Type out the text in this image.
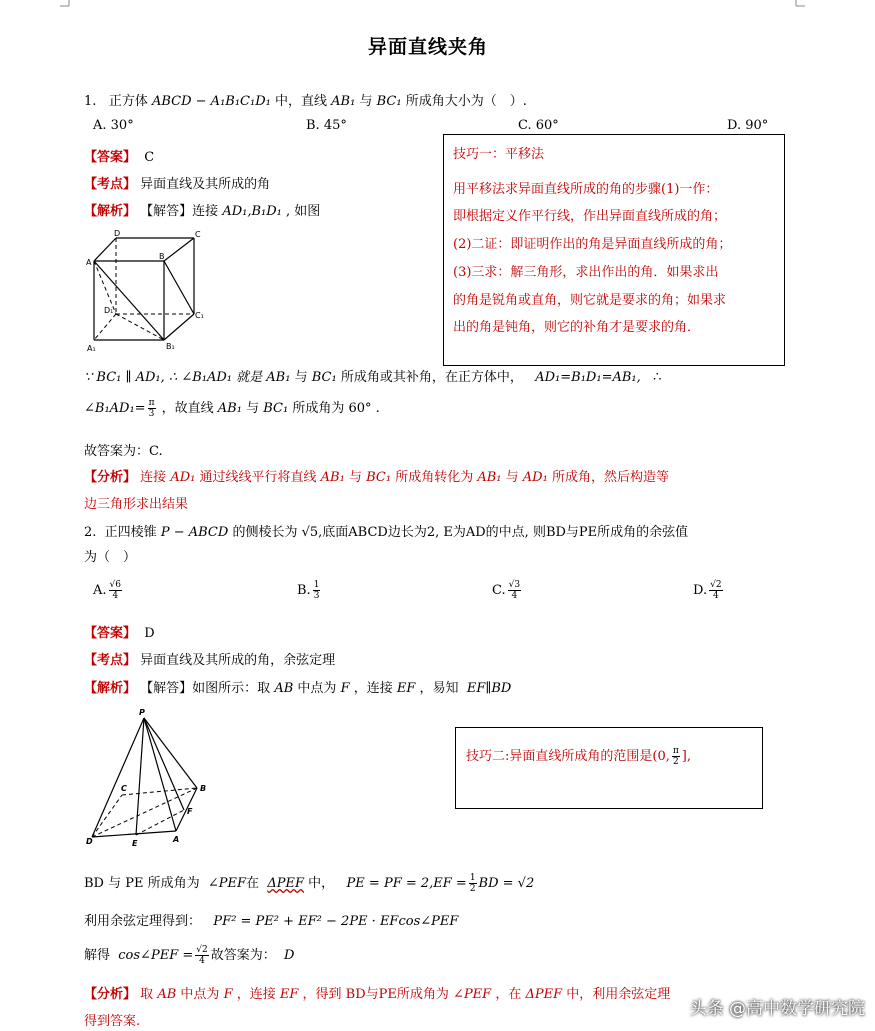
异面直线夹角
1. 正方体 ABCD − A₁B₁C₁D₁ 中，直线 AB₁ 与 BC₁ 所成角大小为（　）.
A. 30°	B. 45°	C. 60°	D. 90°
【答案】 C
【考点】 异面直线及其所成的角
【解析】 【解答】连接 AD₁,B₁D₁ , 如图
D	C
A
B
D₁
C₁
A₁	B₁
技巧一：平移法
用平移法求异面直线所成的角的步骤(1)一作：
即根据定义作平行线，作出异面直线所成的角；
(2)二证：即证明作出的角是异面直线所成的角；
(3)三求：解三角形，求出作出的角．如果求出
的角是锐角或直角，则它就是要求的角；如果求
出的角是钝角，则它的补角才是要求的角．
∵ BC₁ ∥ AD₁, ∴ ∠B₁AD₁ 就是 AB₁ 与 BC₁ 所成角或其补角，在正方体中， AD₁=B₁D₁=AB₁, ∴
∠B₁AD₁= $\frac{\pi}{3}$ ，故直线 AB₁ 与 BC₁ 所成角为 60° .
故答案为：C.
【分析】 连接 AD₁ 通过线线平行将直线 AB₁ 与 BC₁ 所成角转化为 AB₁ 与 AD₁ 所成角，然后构造等
边三角形求出结果
2. 正四棱锥 P − ABCD 的侧棱长为 √5,底面ABCD边长为2, E为AD的中点, 则BD与PE所成角的余弦值
为（　）
A. $\frac{√6}{4}$	B. $\frac{1}{3}$	C. $\frac{√3}{4}$	D. $\frac{√2}{4}$
【答案】 D
【考点】 异面直线及其所成的角，余弦定理
【解析】 【解答】如图所示：取 AB 中点为 F ，连接 EF ，易知 EF∥BD
P
C	B
F
D	E	A
技巧二:异面直线所成角的范围是(0, $\frac{\pi}{2}$ ],
BD 与 PE 所成角为 ∠PEF在 ΔPEF 中， PE = PF = $2,EF = \frac{1}{2}$ BD = √2
利用余弦定理得到： PF² = PE² + EF² − 2PE · EFcos∠PEF
解得 cos∠PEF = $\frac{√2}{4}$ 故答案为： D
【分析】 取 AB 中点为 F ，连接 EF ，得到 BD与PE所成角为 ∠PEF ，在 ΔPEF 中，利用余弦定理
得到答案.
头条 @高中数学研究院
